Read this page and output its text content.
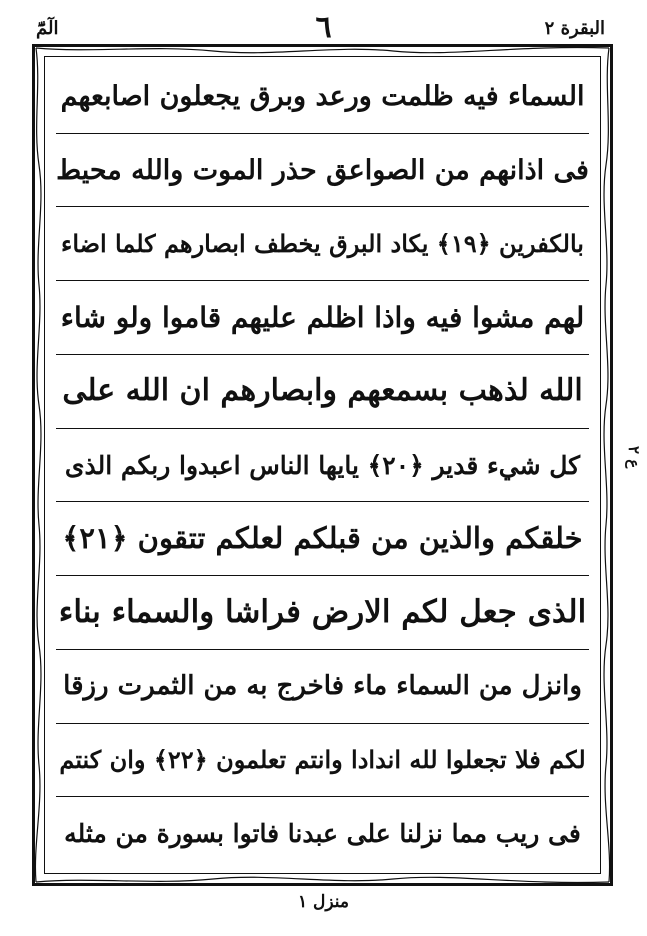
البقرة ٢
٦
الٓمّٓ
السماء فيه ظلمت ورعد وبرق يجعلون اصابعهم
فى اذانهم من الصواعق حذر الموت والله محيط
بالكفرين ﴿١٩﴾ يكاد البرق يخطف ابصارهم كلما اضاء
لهم مشوا فيه واذا اظلم عليهم قاموا ولو شاء
الله لذهب بسمعهم وابصارهم ان الله على
كل شيء قدير ﴿٢٠﴾ يايها الناس اعبدوا ربكم الذى
خلقكم والذين من قبلكم لعلكم تتقون ﴿٢١﴾
الذى جعل لكم الارض فراشا والسماء بناء
وانزل من السماء ماء فاخرج به من الثمرت رزقا
لكم فلا تجعلوا لله اندادا وانتم تعلمون ﴿٢٢﴾ وان كنتم
فى ريب مما نزلنا على عبدنا فاتوا بسورة من مثله
ع ٢
منزل ١
